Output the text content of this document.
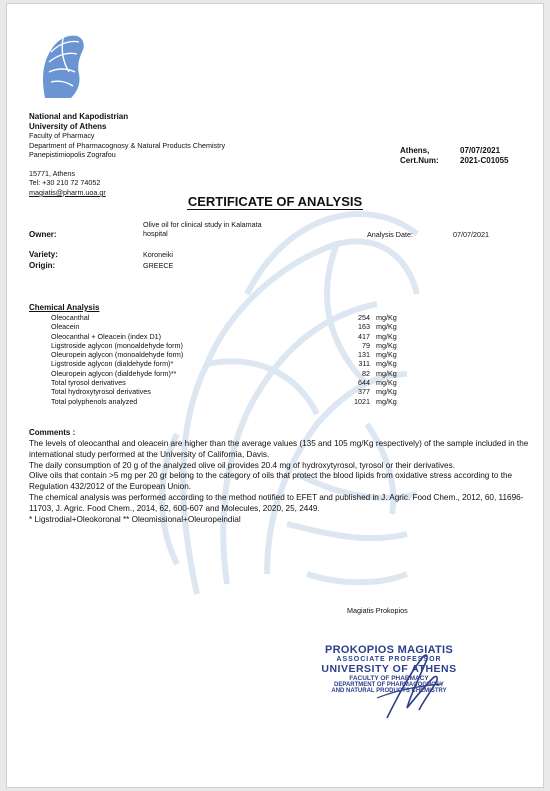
National and Kapodistrian
University of Athens
Faculty of Pharmacy
Department of Pharmacognosy & Natural Products Chemistry
Panepistimiopolis Zografou
15771, Athens
Tel: +30 210 72 74052
magiatis@pharm.uoa.gr
Athens,	07/07/2021
Cert.Num:	2021-C01055
CERTIFICATE OF ANALYSIS
Owner:
Olive oil for clinical study in Kalamata
hospital	Analysis Date:	07/07/2021
Variety:	Koroneiki
Origin:	GREECE
Chemical Analysis
Oleocanthal	254	mg/Kg
Oleacein	163	mg/Kg
Oleocanthal + Oleacein (index D1)	417	mg/Kg
Ligstroside aglycon (monoaldehyde form)	79	mg/Kg
Oleuropein aglycon (monoaldehyde form)	131	mg/Kg
Ligstroside aglycon (dialdehyde form)*	311	mg/Kg
Oleuropein aglycon (dialdehyde form)**	82	mg/Kg
Total tyrosol derivatives	644	mg/Kg
Total hydroxytyrosol derivatives	377	mg/Kg
Total polyphenols analyzed	1021	mg/Kg
Comments :

The levels of oleocanthal and oleacein are higher than the average values (135 and 105 mg/Kg respectively) of the sample included in the international study performed at the University of California, Davis.

The daily consumption of 20 g of the analyzed olive oil provides 20.4 mg of hydroxytyrosol, tyrosol or their derivatives.

Olive oils that contain >5 mg per 20 gr belong to the category of oils that protect the blood lipids from oxidative stress according to the Regulation 432/2012 of the European Union.

The chemical analysis was performed according to the method notified to EFET and published in J. Agric. Food Chem., 2012, 60, 11696-11703, J. Agric. Food Chem., 2014, 62, 600-607 and Molecules, 2020, 25, 2449.

* Ligstrodial+Oleokoronal ** Oleomissional+Oleuropeindial

Magiatis Prokopios
PROKOPIOS MAGIATIS
ASSOCIATE PROFESSOR
UNIVERSITY OF ATHENS
FACULTY OF PHARMACY
DEPARTMENT OF PHARMACOGNOSY
AND NATURAL PRODUCTS CHEMISTRY
